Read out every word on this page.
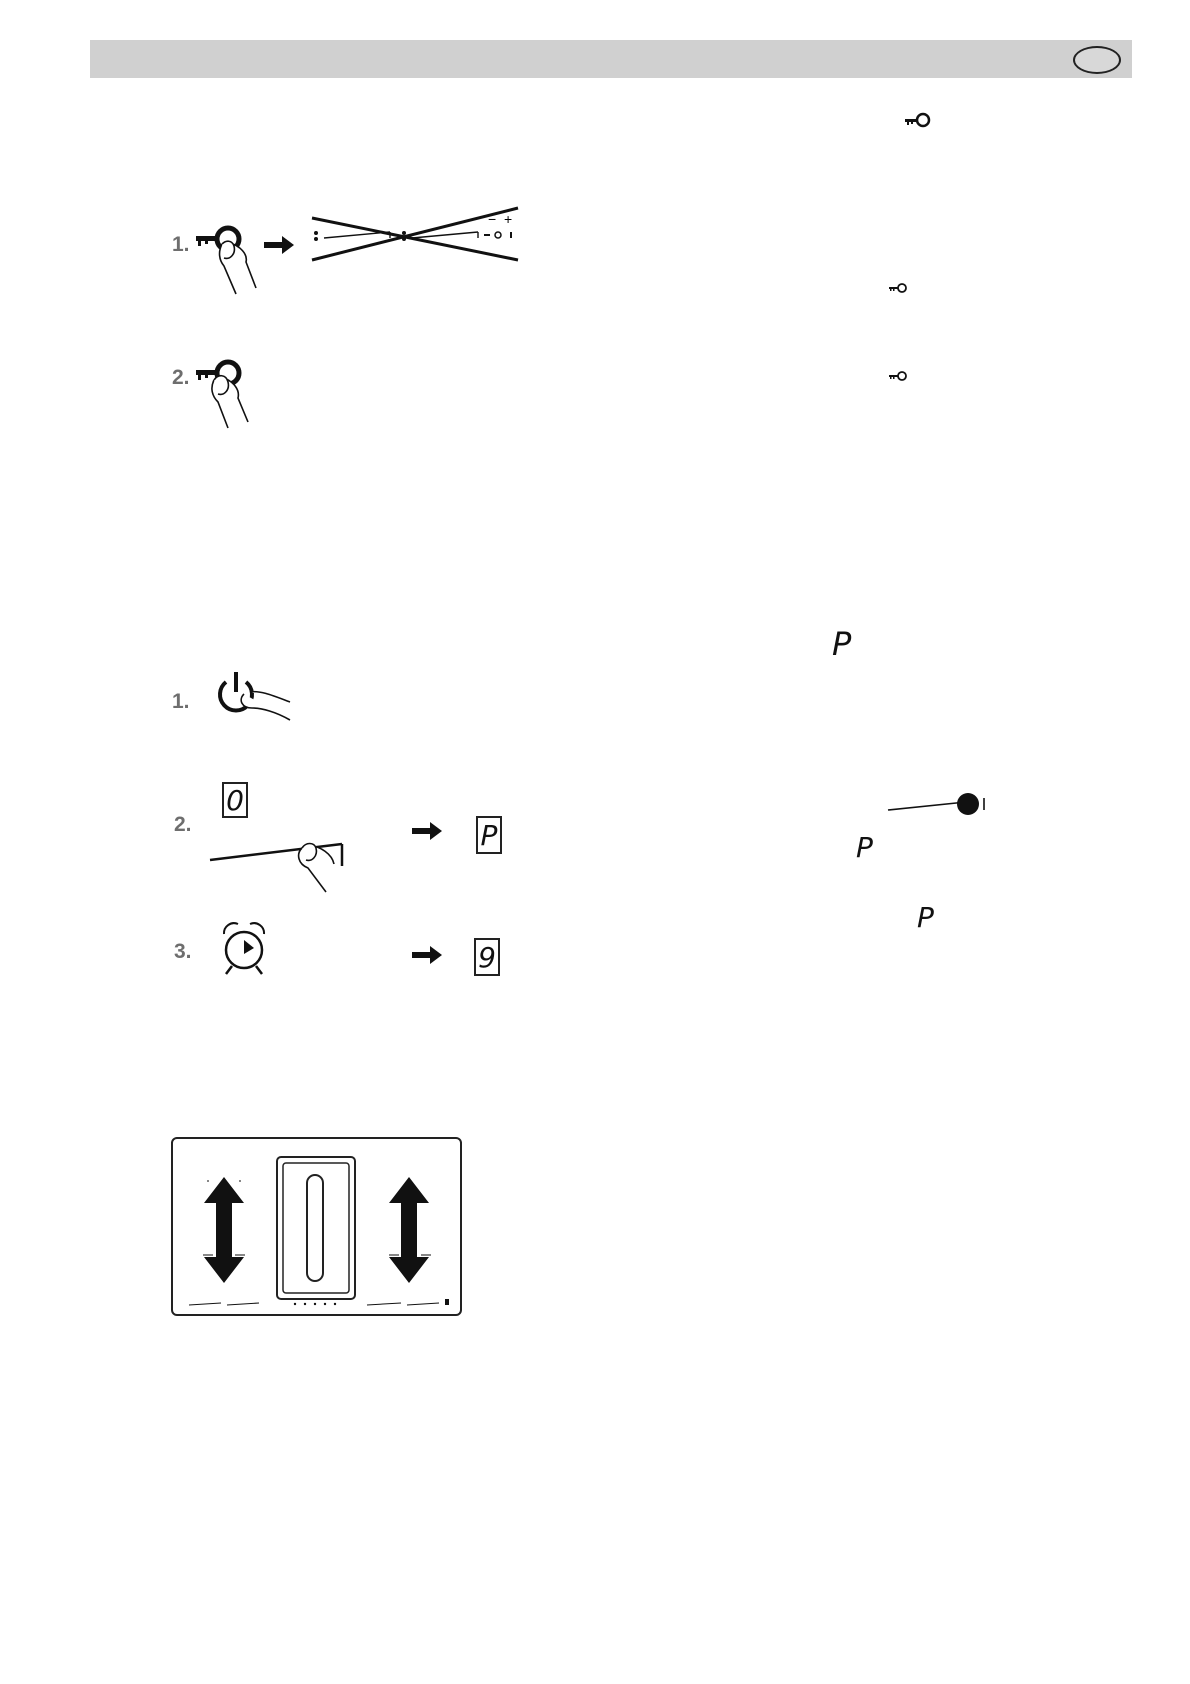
1.
− +
2.
P
1.
2.
0
P
3.	9
P
P
